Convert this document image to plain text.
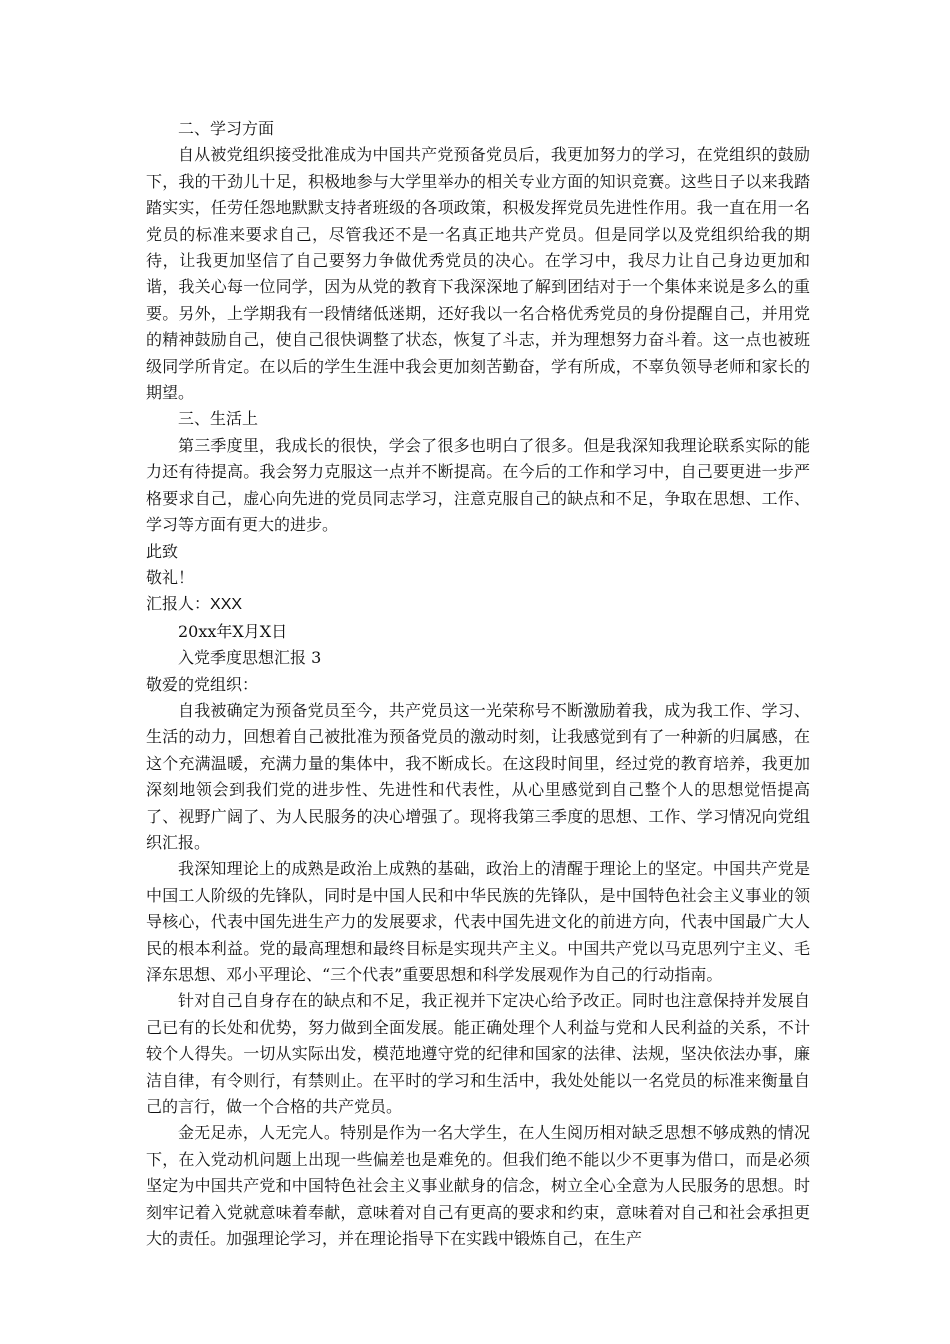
二、学习方面

自从被党组织接受批准成为中国共产党预备党员后，我更加努力的学习，在党组织的鼓励下，我的干劲儿十足，积极地参与大学里举办的相关专业方面的知识竞赛。这些日子以来我踏踏实实，任劳任怨地默默支持者班级的各项政策，积极发挥党员先进性作用。我一直在用一名党员的标准来要求自己，尽管我还不是一名真正地共产党员。但是同学以及党组织给我的期待，让我更加坚信了自己要努力争做优秀党员的决心。在学习中，我尽力让自己身边更加和谐，我关心每一位同学，因为从党的教育下我深深地了解到团结对于一个集体来说是多么的重要。另外，上学期我有一段情绪低迷期，还好我以一名合格优秀党员的身份提醒自己，并用党的精神鼓励自己，使自己很快调整了状态，恢复了斗志，并为理想努力奋斗着。这一点也被班级同学所肯定。在以后的学生生涯中我会更加刻苦勤奋，学有所成，不辜负领导老师和家长的期望。

三、生活上

第三季度里，我成长的很快，学会了很多也明白了很多。但是我深知我理论联系实际的能力还有待提高。我会努力克服这一点并不断提高。在今后的工作和学习中，自己要更进一步严格要求自己，虚心向先进的党员同志学习，注意克服自己的缺点和不足，争取在思想、工作、学习等方面有更大的进步。

此致

敬礼！

汇报人：XXX

20xx年X月X日

入党季度思想汇报 3

敬爱的党组织：

自我被确定为预备党员至今，共产党员这一光荣称号不断激励着我，成为我工作、学习、生活的动力，回想着自己被批准为预备党员的激动时刻，让我感觉到有了一种新的归属感，在这个充满温暖，充满力量的集体中，我不断成长。在这段时间里，经过党的教育培养，我更加深刻地领会到我们党的进步性、先进性和代表性，从心里感觉到自己整个人的思想觉悟提高了、视野广阔了、为人民服务的决心增强了。现将我第三季度的思想、工作、学习情况向党组织汇报。

我深知理论上的成熟是政治上成熟的基础，政治上的清醒于理论上的坚定。中国共产党是中国工人阶级的先锋队，同时是中国人民和中华民族的先锋队，是中国特色社会主义事业的领导核心，代表中国先进生产力的发展要求，代表中国先进文化的前进方向，代表中国最广大人民的根本利益。党的最高理想和最终目标是实现共产主义。中国共产党以马克思列宁主义、毛泽东思想、邓小平理论、“三个代表”重要思想和科学发展观作为自己的行动指南。

针对自己自身存在的缺点和不足，我正视并下定决心给予改正。同时也注意保持并发展自己已有的长处和优势，努力做到全面发展。能正确处理个人利益与党和人民利益的关系，不计较个人得失。一切从实际出发，模范地遵守党的纪律和国家的法律、法规，坚决依法办事，廉洁自律，有令则行，有禁则止。在平时的学习和生活中，我处处能以一名党员的标准来衡量自己的言行，做一个合格的共产党员。

金无足赤，人无完人。特别是作为一名大学生，在人生阅历相对缺乏思想不够成熟的情况下，在入党动机问题上出现一些偏差也是难免的。但我们绝不能以少不更事为借口，而是必须坚定为中国共产党和中国特色社会主义事业献身的信念，树立全心全意为人民服务的思想。时刻牢记着入党就意味着奉献，意味着对自己有更高的要求和约束，意味着对自己和社会承担更大的责任。加强理论学习，并在理论指导下在实践中锻炼自己，在生产
